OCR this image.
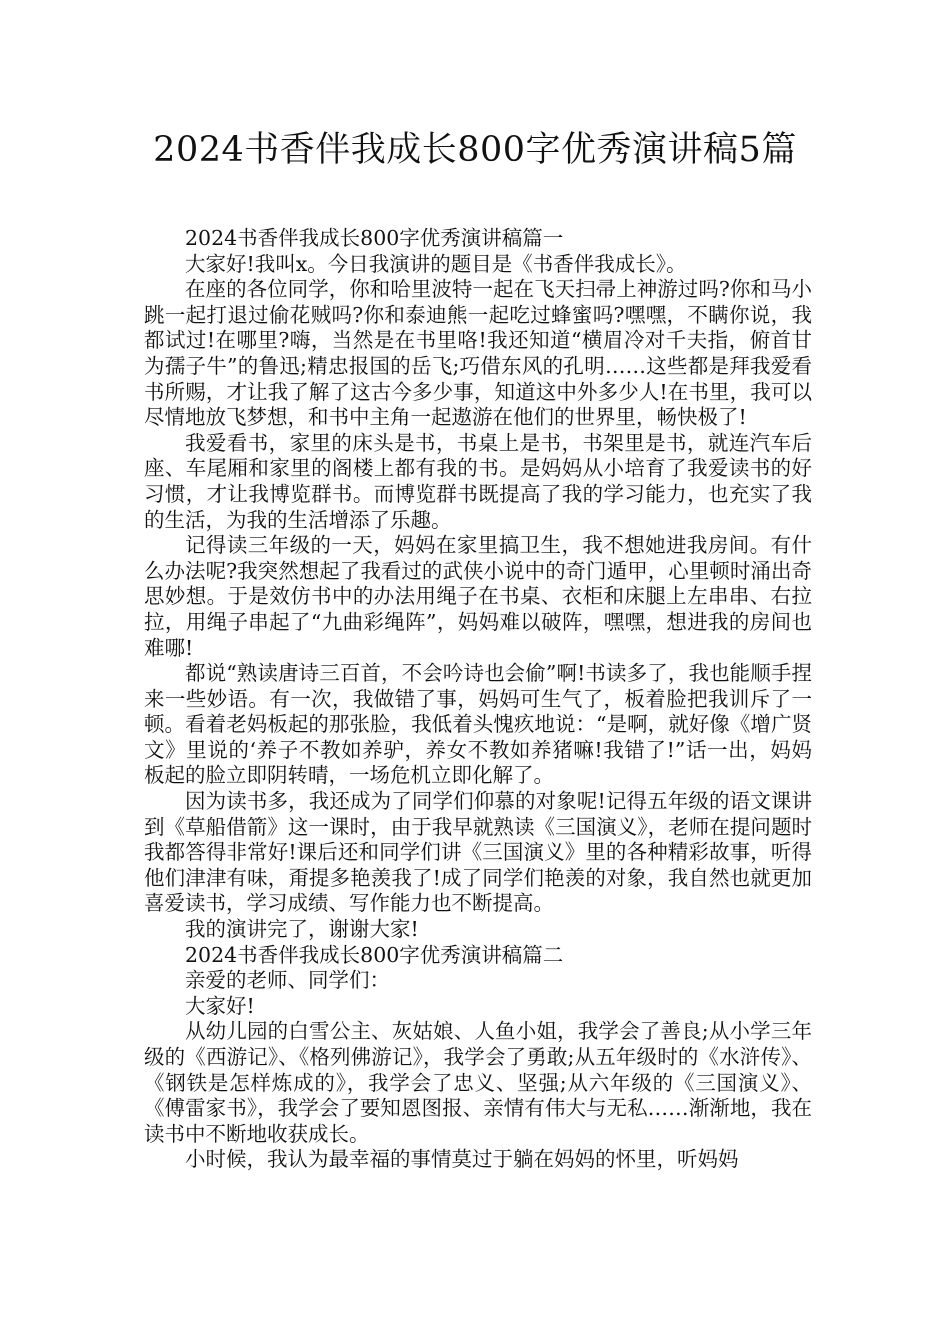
2024书香伴我成长800字优秀演讲稿5篇

2024书香伴我成长800字优秀演讲稿篇一

大家好!我叫x。今日我演讲的题目是《书香伴我成长》。

在座的各位同学，你和哈里波特一起在飞天扫帚上神游过吗?你和马小跳一起打退过偷花贼吗?你和泰迪熊一起吃过蜂蜜吗?嘿嘿，不瞒你说，我都试过!在哪里?嗨，当然是在书里咯!我还知道“横眉冷对千夫指，俯首甘为孺子牛”的鲁迅;精忠报国的岳飞;巧借东风的孔明……这些都是拜我爱看书所赐，才让我了解了这古今多少事，知道这中外多少人!在书里，我可以尽情地放飞梦想，和书中主角一起遨游在他们的世界里，畅快极了!

我爱看书，家里的床头是书，书桌上是书，书架里是书，就连汽车后座、车尾厢和家里的阁楼上都有我的书。是妈妈从小培育了我爱读书的好习惯，才让我博览群书。而博览群书既提高了我的学习能力，也充实了我的生活，为我的生活增添了乐趣。

记得读三年级的一天，妈妈在家里搞卫生，我不想她进我房间。有什么办法呢?我突然想起了我看过的武侠小说中的奇门遁甲，心里顿时涌出奇思妙想。于是效仿书中的办法用绳子在书桌、衣柜和床腿上左串串、右拉拉，用绳子串起了“九曲彩绳阵”，妈妈难以破阵，嘿嘿，想进我的房间也难哪!

都说“熟读唐诗三百首，不会吟诗也会偷”啊!书读多了，我也能顺手捏来一些妙语。有一次，我做错了事，妈妈可生气了，板着脸把我训斥了一顿。看着老妈板起的那张脸，我低着头愧疚地说：“是啊，就好像《增广贤文》里说的‘养子不教如养驴，养女不教如养猪嘛!我错了!”话一出，妈妈板起的脸立即阴转晴，一场危机立即化解了。

因为读书多，我还成为了同学们仰慕的对象呢!记得五年级的语文课讲到《草船借箭》这一课时，由于我早就熟读《三国演义》，老师在提问题时我都答得非常好!课后还和同学们讲《三国演义》里的各种精彩故事，听得他们津津有味，甭提多艳羡我了!成了同学们艳羡的对象，我自然也就更加喜爱读书，学习成绩、写作能力也不断提高。

我的演讲完了，谢谢大家!

2024书香伴我成长800字优秀演讲稿篇二

亲爱的老师、同学们：

大家好!

从幼儿园的白雪公主、灰姑娘、人鱼小姐，我学会了善良;从小学三年级的《西游记》、《格列佛游记》，我学会了勇敢;从五年级时的《水浒传》、《钢铁是怎样炼成的》，我学会了忠义、坚强;从六年级的《三国演义》、《傅雷家书》，我学会了要知恩图报、亲情有伟大与无私……渐渐地，我在读书中不断地收获成长。

小时候，我认为最幸福的事情莫过于躺在妈妈的怀里，听妈妈
